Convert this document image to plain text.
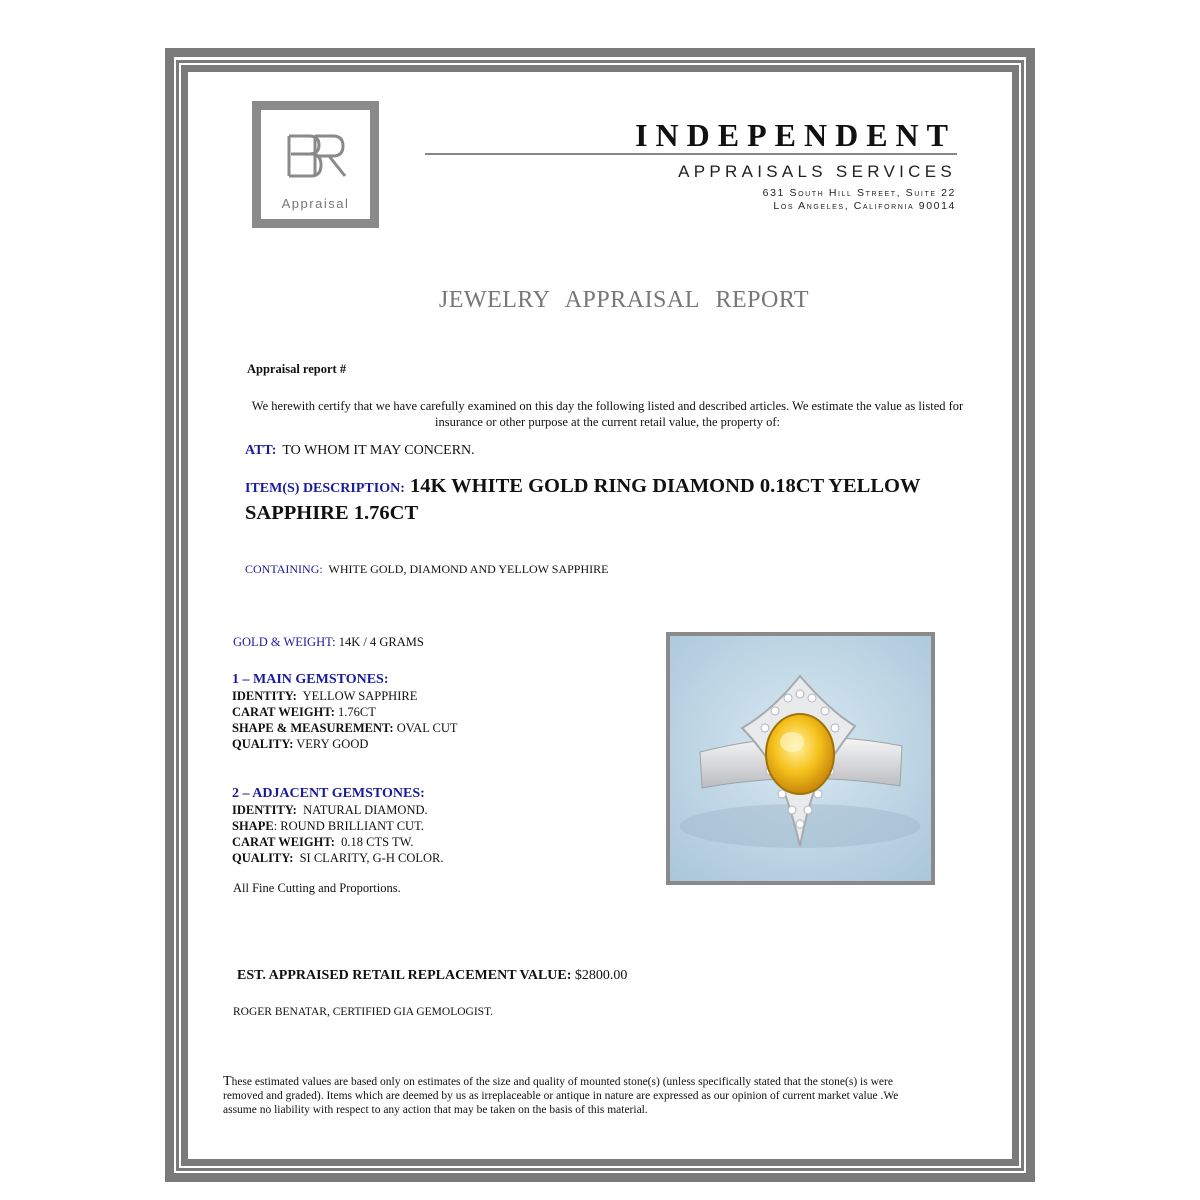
Appraisal
INDEPENDENT
APPRAISALS SERVICES
631 South Hill Street, Suite 22
Los Angeles, California 90014
JEWELRY APPRAISAL REPORT
Appraisal report #
We herewith certify that we have carefully examined on this day the following listed and described articles. We estimate the value as listed for insurance or other purpose at the current retail value, the property of:
ATT: TO WHOM IT MAY CONCERN.
ITEM(S) DESCRIPTION: 14K WHITE GOLD RING DIAMOND 0.18CT YELLOW SAPPHIRE 1.76CT
CONTAINING: WHITE GOLD, DIAMOND AND YELLOW SAPPHIRE
GOLD & WEIGHT: 14K / 4 GRAMS
1 – MAIN GEMSTONES:
IDENTITY: YELLOW SAPPHIRE
CARAT WEIGHT: 1.76CT
SHAPE & MEASUREMENT: OVAL CUT
QUALITY: VERY GOOD
2 – ADJACENT GEMSTONES:
IDENTITY: NATURAL DIAMOND.
SHAPE: ROUND BRILLIANT CUT.
CARAT WEIGHT: 0.18 CTS TW.
QUALITY: SI CLARITY, G-H COLOR.
All Fine Cutting and Proportions.
EST. APPRAISED RETAIL REPLACEMENT VALUE: $2800.00
ROGER BENATAR, CERTIFIED GIA GEMOLOGIST.
These estimated values are based only on estimates of the size and quality of mounted stone(s) (unless specifically stated that the stone(s) is were removed and graded). Items which are deemed by us as irreplaceable or antique in nature are expressed as our opinion of current market value .We assume no liability with respect to any action that may be taken on the basis of this material.
